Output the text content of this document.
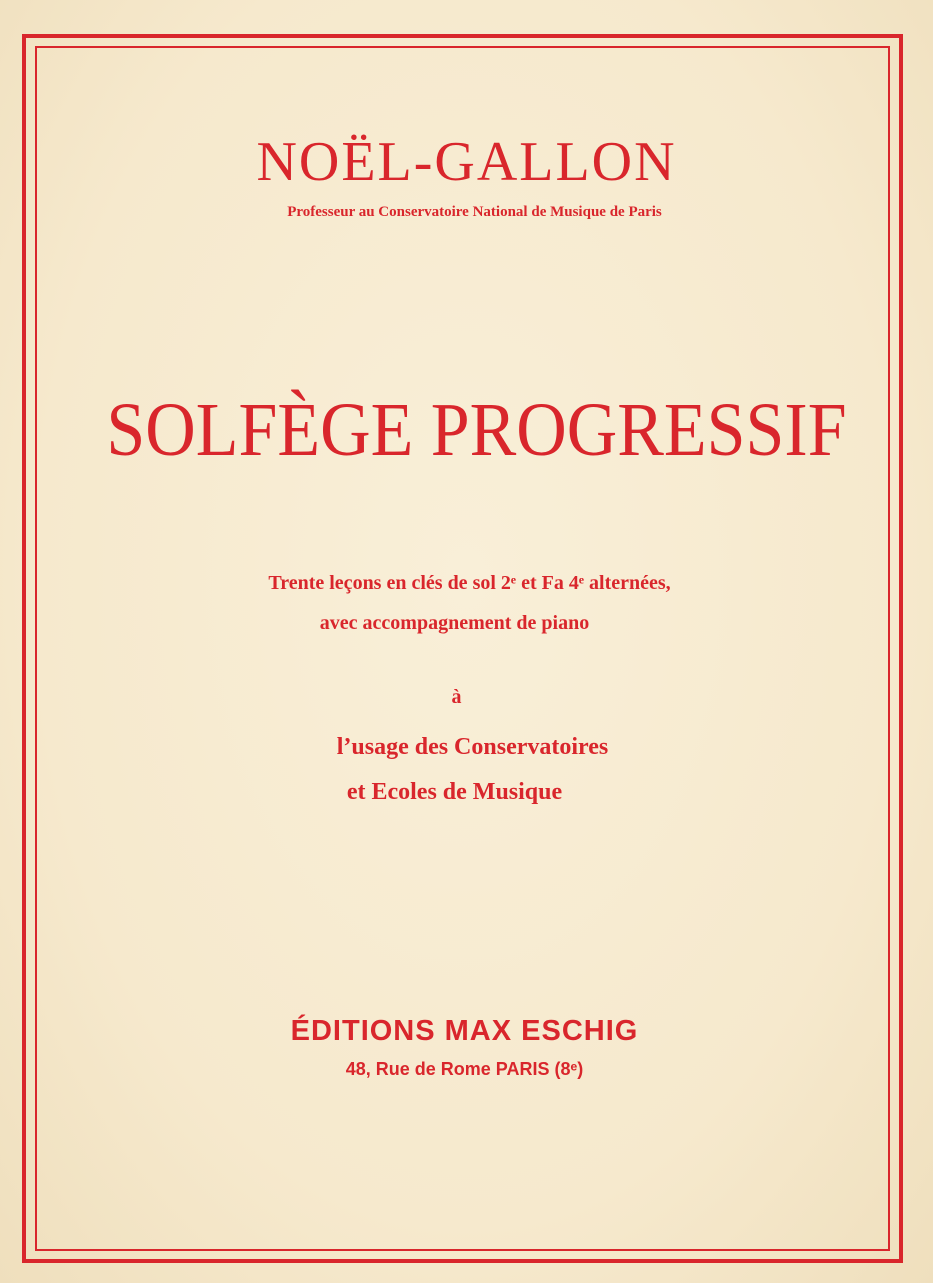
NOËL-GALLON
Professeur au Conservatoire National de Musique de Paris
SOLFÈGE PROGRESSIF
Trente leçons en clés de sol 2ᵉ et Fa 4ᵉ alternées,
avec accompagnement de piano
à
l’usage des Conservatoires
et Ecoles de Musique
ÉDITIONS MAX ESCHIG
48, Rue de Rome PARIS (8ᵉ)
